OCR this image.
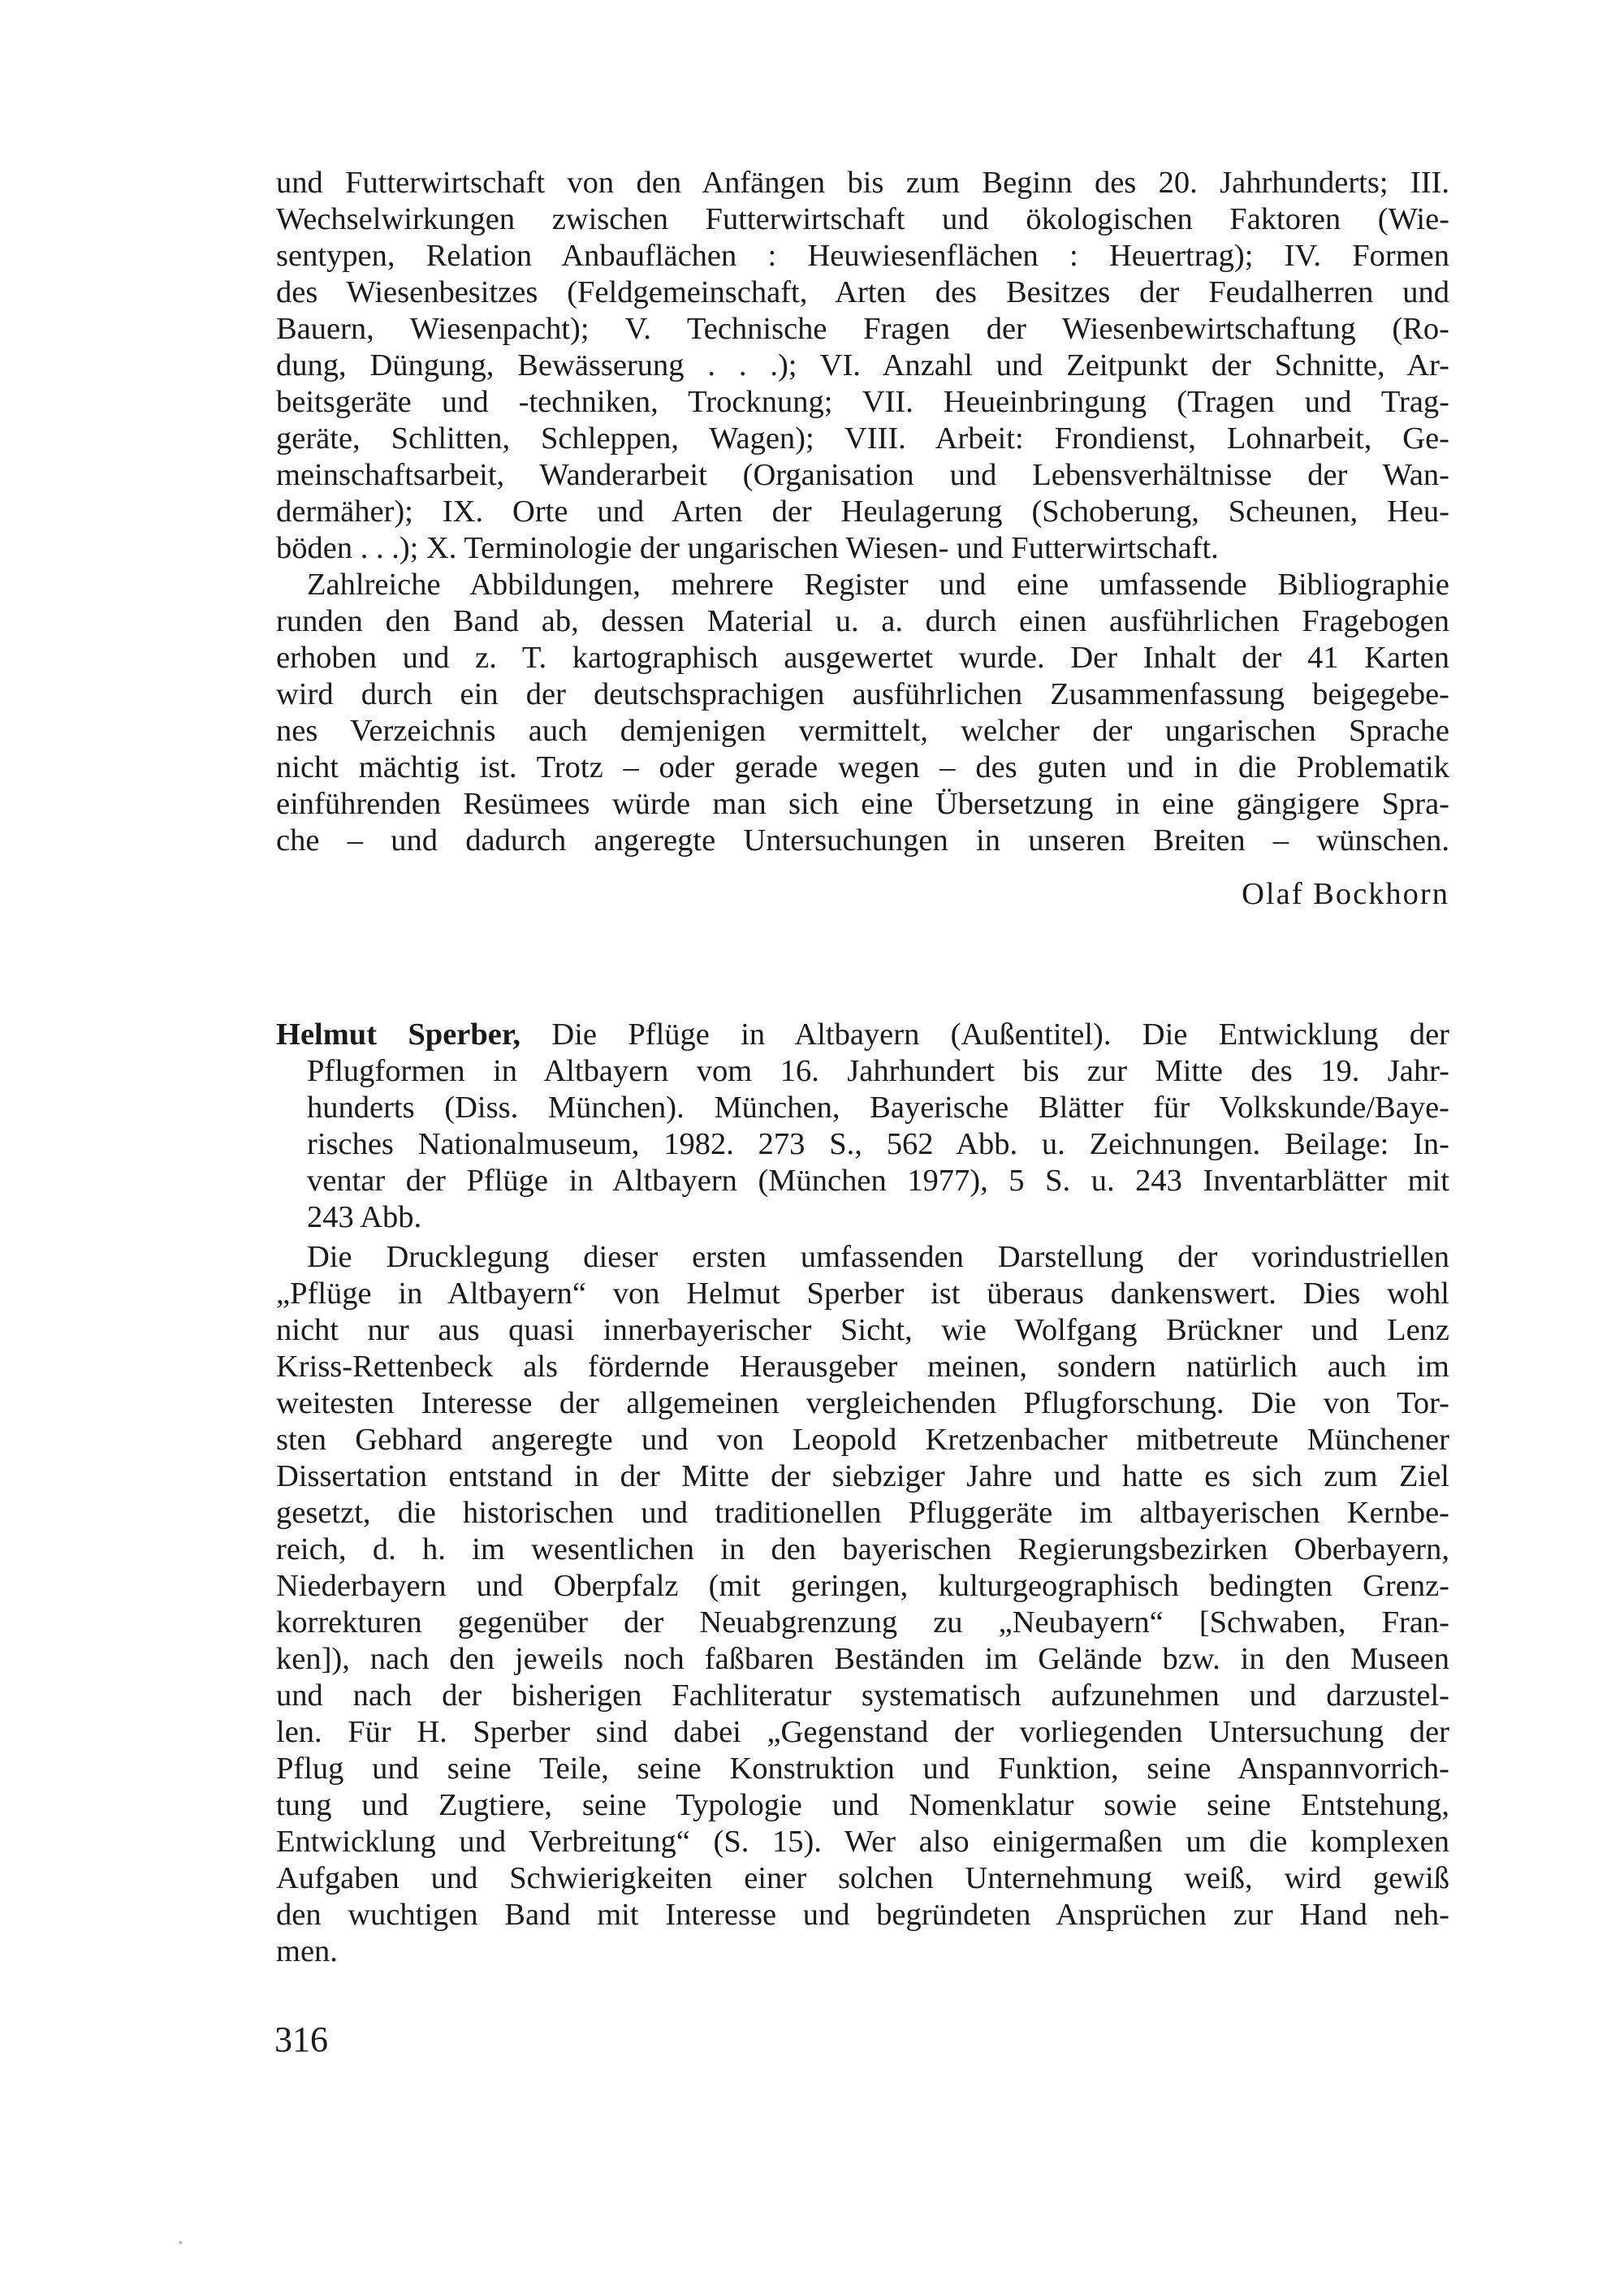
und Futterwirtschaft von den Anfängen bis zum Beginn des 20. Jahrhunderts; III.
Wechselwirkungen zwischen Futterwirtschaft und ökologischen Faktoren (Wie-
sentypen, Relation Anbauflächen : Heuwiesenflächen : Heuertrag); IV. Formen
des Wiesenbesitzes (Feldgemeinschaft, Arten des Besitzes der Feudalherren und
Bauern, Wiesenpacht); V. Technische Fragen der Wiesenbewirtschaftung (Ro-
dung, Düngung, Bewässerung . . .); VI. Anzahl und Zeitpunkt der Schnitte, Ar-
beitsgeräte und -techniken, Trocknung; VII. Heueinbringung (Tragen und Trag-
geräte, Schlitten, Schleppen, Wagen); VIII. Arbeit: Frondienst, Lohnarbeit, Ge-
meinschaftsarbeit, Wanderarbeit (Organisation und Lebensverhältnisse der Wan-
dermäher); IX. Orte und Arten der Heulagerung (Schoberung, Scheunen, Heu-
böden . . .); X. Terminologie der ungarischen Wiesen- und Futterwirtschaft.
Zahlreiche Abbildungen, mehrere Register und eine umfassende Bibliographie
runden den Band ab, dessen Material u. a. durch einen ausführlichen Fragebogen
erhoben und z. T. kartographisch ausgewertet wurde. Der Inhalt der 41 Karten
wird durch ein der deutschsprachigen ausführlichen Zusammenfassung beigegebe-
nes Verzeichnis auch demjenigen vermittelt, welcher der ungarischen Sprache
nicht mächtig ist. Trotz – oder gerade wegen – des guten und in die Problematik
einführenden Resümees würde man sich eine Übersetzung in eine gängigere Spra-
che – und dadurch angeregte Untersuchungen in unseren Breiten – wünschen.
Olaf Bockhorn
Helmut Sperber, Die Pflüge in Altbayern (Außentitel). Die Entwicklung der
Pflugformen in Altbayern vom 16. Jahrhundert bis zur Mitte des 19. Jahr-
hunderts (Diss. München). München, Bayerische Blätter für Volkskunde/Baye-
risches Nationalmuseum, 1982. 273 S., 562 Abb. u. Zeichnungen. Beilage: In-
ventar der Pflüge in Altbayern (München 1977), 5 S. u. 243 Inventarblätter mit
243 Abb.
Die Drucklegung dieser ersten umfassenden Darstellung der vorindustriellen
„Pflüge in Altbayern“ von Helmut Sperber ist überaus dankenswert. Dies wohl
nicht nur aus quasi innerbayerischer Sicht, wie Wolfgang Brückner und Lenz
Kriss-Rettenbeck als fördernde Herausgeber meinen, sondern natürlich auch im
weitesten Interesse der allgemeinen vergleichenden Pflugforschung. Die von Tor-
sten Gebhard angeregte und von Leopold Kretzenbacher mitbetreute Münchener
Dissertation entstand in der Mitte der siebziger Jahre und hatte es sich zum Ziel
gesetzt, die historischen und traditionellen Pfluggeräte im altbayerischen Kernbe-
reich, d. h. im wesentlichen in den bayerischen Regierungsbezirken Oberbayern,
Niederbayern und Oberpfalz (mit geringen, kulturgeographisch bedingten Grenz-
korrekturen gegenüber der Neuabgrenzung zu „Neubayern“ [Schwaben, Fran-
ken]), nach den jeweils noch faßbaren Beständen im Gelände bzw. in den Museen
und nach der bisherigen Fachliteratur systematisch aufzunehmen und darzustel-
len. Für H. Sperber sind dabei „Gegenstand der vorliegenden Untersuchung der
Pflug und seine Teile, seine Konstruktion und Funktion, seine Anspannvorrich-
tung und Zugtiere, seine Typologie und Nomenklatur sowie seine Entstehung,
Entwicklung und Verbreitung“ (S. 15). Wer also einigermaßen um die komplexen
Aufgaben und Schwierigkeiten einer solchen Unternehmung weiß, wird gewiß
den wuchtigen Band mit Interesse und begründeten Ansprüchen zur Hand neh-
men.
316
